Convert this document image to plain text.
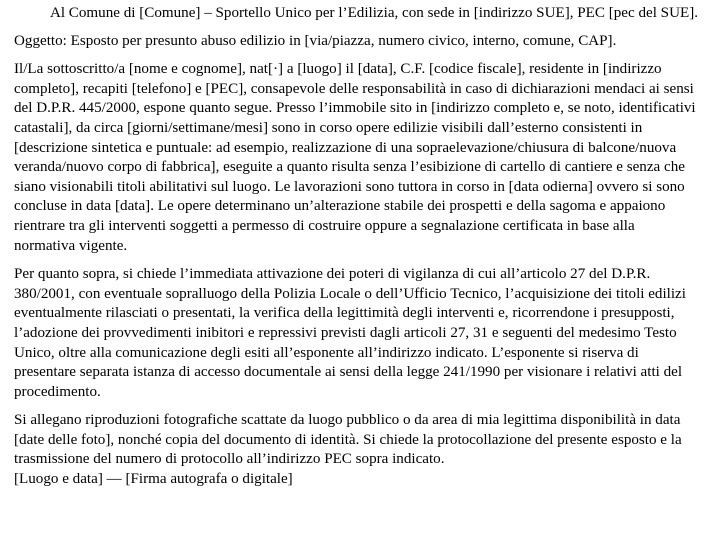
Al Comune di [Comune] – Sportello Unico per l’Edilizia, con sede in [indirizzo SUE], PEC [pec del SUE].

Oggetto: Esposto per presunto abuso edilizio in [via/piazza, numero civico, interno, comune, CAP].

Il/La sottoscritto/a [nome e cognome], nat[·] a [luogo] il [data], C.F. [codice fiscale], residente in [indirizzo completo], recapiti [telefono] e [PEC], consapevole delle responsabilità in caso di dichiarazioni mendaci ai sensi del D.P.R. 445/2000, espone quanto segue. Presso l’immobile sito in [indirizzo completo e, se noto, identificativi catastali], da circa [giorni/settimane/mesi] sono in corso opere edilizie visibili dall’esterno consistenti in [descrizione sintetica e puntuale: ad esempio, realizzazione di una sopraelevazione/chiusura di balcone/nuova veranda/nuovo corpo di fabbrica], eseguite a quanto risulta senza l’esibizione di cartello di cantiere e senza che siano visionabili titoli abilitativi sul luogo. Le lavorazioni sono tuttora in corso in [data odierna] ovvero si sono concluse in data [data]. Le opere determinano un’alterazione stabile dei prospetti e della sagoma e appaiono rientrare tra gli interventi soggetti a permesso di costruire oppure a segnalazione certificata in base alla normativa vigente.

Per quanto sopra, si chiede l’immediata attivazione dei poteri di vigilanza di cui all’articolo 27 del D.P.R. 380/2001, con eventuale sopralluogo della Polizia Locale o dell’Ufficio Tecnico, l’acquisizione dei titoli edilizi eventualmente rilasciati o presentati, la verifica della legittimità degli interventi e, ricorrendone i presupposti, l’adozione dei provvedimenti inibitori e repressivi previsti dagli articoli 27, 31 e seguenti del medesimo Testo Unico, oltre alla comunicazione degli esiti all’esponente all’indirizzo indicato. L’esponente si riserva di presentare separata istanza di accesso documentale ai sensi della legge 241/1990 per visionare i relativi atti del procedimento.

Si allegano riproduzioni fotografiche scattate da luogo pubblico o da area di mia legittima disponibilità in data [date delle foto], nonché copia del documento di identità. Si chiede la protocollazione del presente esposto e la trasmissione del numero di protocollo all’indirizzo PEC sopra indicato.

[Luogo e data] — [Firma autografa o digitale]
